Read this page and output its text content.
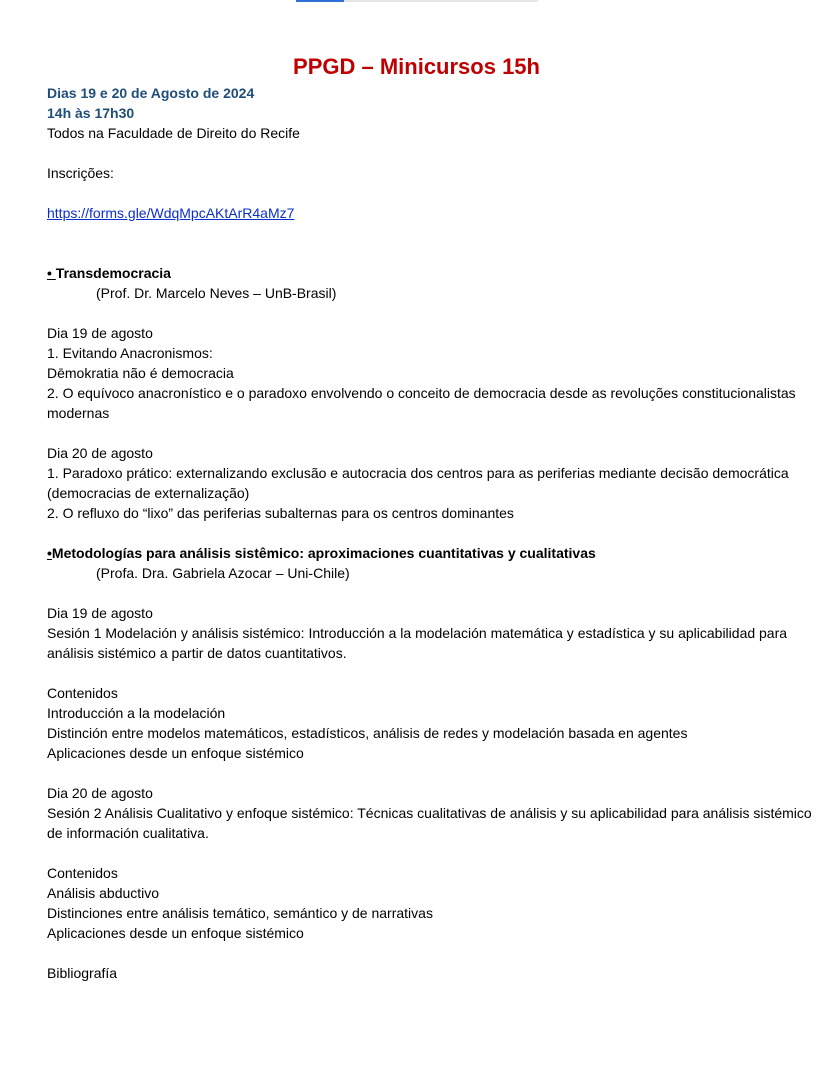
PPGD – Minicursos 15h
Dias 19 e 20 de Agosto de 2024
14h às 17h30
Todos na Faculdade de Direito do Recife
Inscrições:
https://forms.gle/WdqMpcAKtArR4aMz7
• Transdemocracia
(Prof. Dr. Marcelo Neves – UnB-Brasil)
Dia 19 de agosto
1. Evitando Anacronismos:
Dēmokratia não é democracia
2. O equívoco anacronístico e o paradoxo envolvendo o conceito de democracia desde as revoluções constitucionalistas modernas
Dia 20 de agosto
1. Paradoxo prático: externalizando exclusão e autocracia dos centros para as periferias mediante decisão democrática (democracias de externalização)
2. O refluxo do “lixo” das periferias subalternas para os centros dominantes
•Metodologías para análisis sistêmico: aproximaciones cuantitativas y cualitativas
(Profa. Dra. Gabriela Azocar – Uni-Chile)
Dia 19 de agosto
Sesión 1 Modelación y análisis sistémico: Introducción a la modelación matemática y estadística y su aplicabilidad para análisis sistémico a partir de datos cuantitativos.
Contenidos
Introducción a la modelación
Distinción entre modelos matemáticos, estadísticos, análisis de redes y modelación basada en agentes
Aplicaciones desde un enfoque sistémico
Dia 20 de agosto
Sesión 2 Análisis Cualitativo y enfoque sistémico: Técnicas cualitativas de análisis y su aplicabilidad para análisis sistémico de información cualitativa.
Contenidos
Análisis abductivo
Distinciones entre análisis temático, semántico y de narrativas
Aplicaciones desde un enfoque sistémico
Bibliografía
